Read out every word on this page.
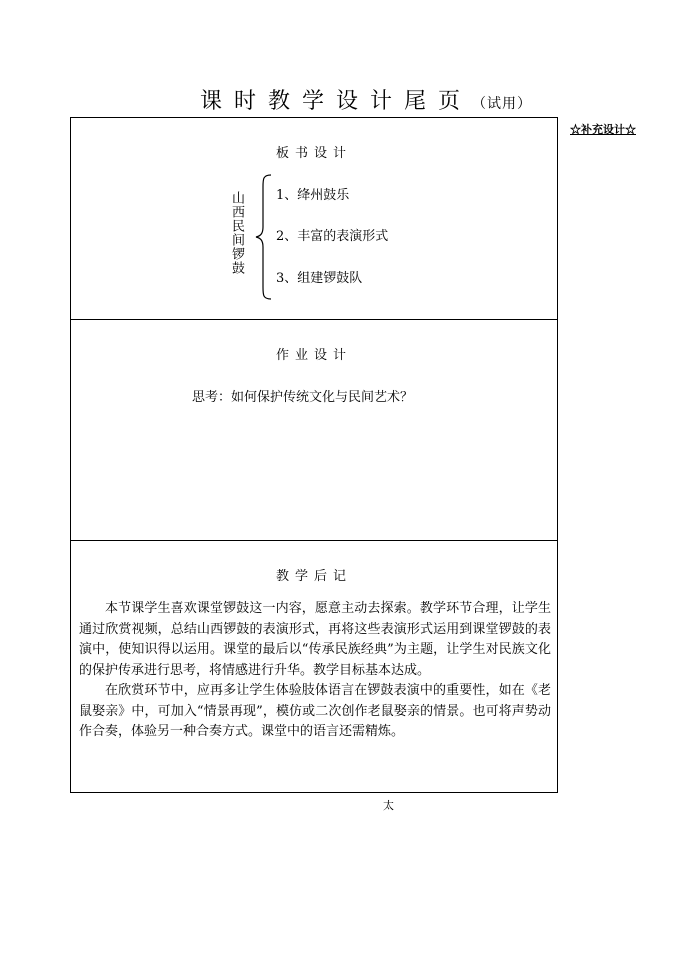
课时教学设计尾页（试用）
☆补充设计☆
板书设计
山西民间锣鼓 1、绛州鼓乐
2、丰富的表演形式
3、组建锣鼓队
作业设计
思考：如何保护传统文化与民间艺术？
教学后记

本节课学生喜欢课堂锣鼓这一内容，愿意主动去探索。教学环节合理，让学生通过欣赏视频，总结山西锣鼓的表演形式，再将这些表演形式运用到课堂锣鼓的表演中，使知识得以运用。课堂的最后以“传承民族经典”为主题，让学生对民族文化的保护传承进行思考，将情感进行升华。教学目标基本达成。

在欣赏环节中，应再多让学生体验肢体语言在锣鼓表演中的重要性，如在《老鼠娶亲》中，可加入“情景再现”，模仿或二次创作老鼠娶亲的情景。也可将声势动作合奏，体验另一种合奏方式。课堂中的语言还需精炼。

太
